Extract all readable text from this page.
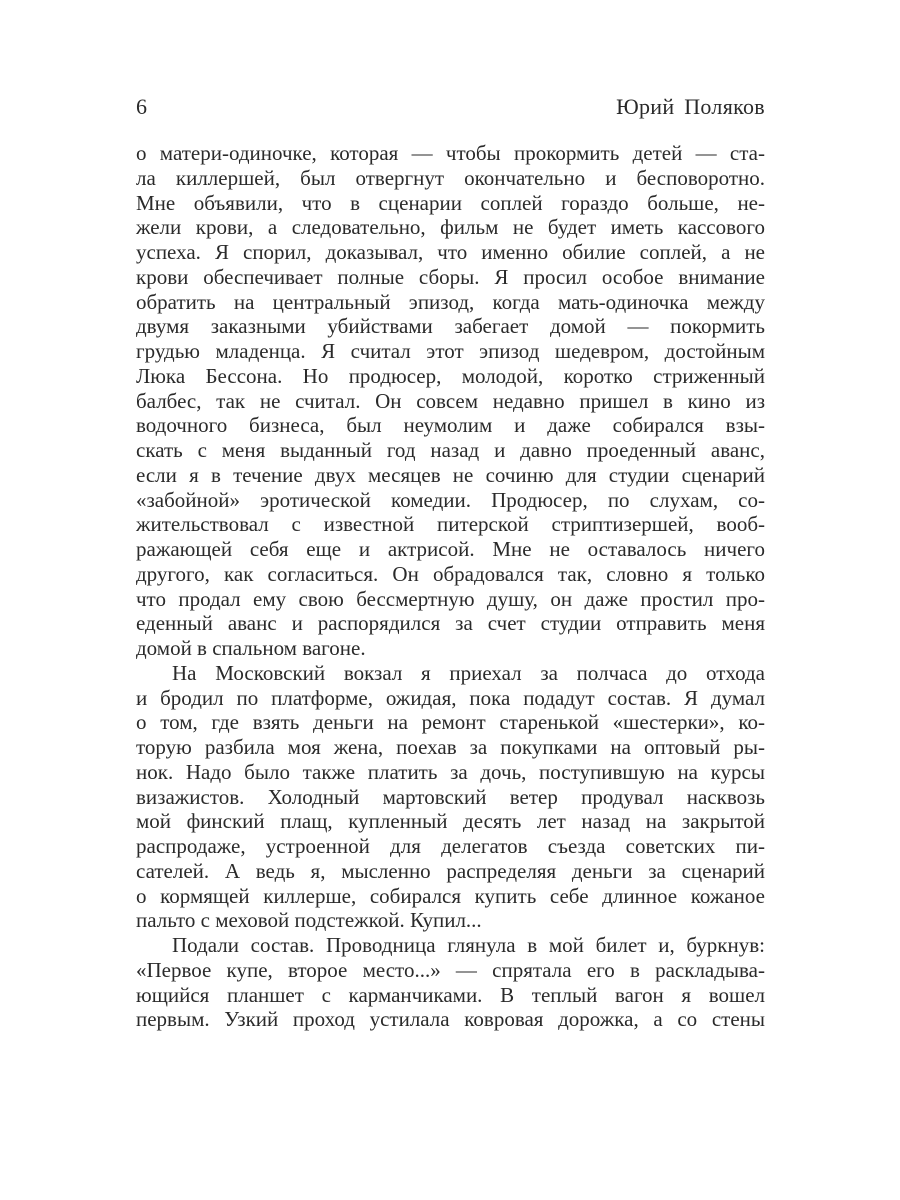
6	Юрий Поляков
о матери-одиночке, которая — чтобы прокормить детей — ста-
ла киллершей, был отвергнут окончательно и бесповоротно.
Мне объявили, что в сценарии соплей гораздо больше, не-
жели крови, а следовательно, фильм не будет иметь кассового
успеха. Я спорил, доказывал, что именно обилие соплей, а не
крови обеспечивает полные сборы. Я просил особое внимание
обратить на центральный эпизод, когда мать-одиночка между
двумя заказными убийствами забегает домой — покормить
грудью младенца. Я считал этот эпизод шедевром, достойным
Люка Бессона. Но продюсер, молодой, коротко стриженный
балбес, так не считал. Он совсем недавно пришел в кино из
водочного бизнеса, был неумолим и даже собирался взы-
скать с меня выданный год назад и давно проеденный аванс,
если я в течение двух месяцев не сочиню для студии сценарий
«забойной» эротической комедии. Продюсер, по слухам, со-
жительствовал с известной питерской стриптизершей, вооб-
ражающей себя еще и актрисой. Мне не оставалось ничего
другого, как согласиться. Он обрадовался так, словно я только
что продал ему свою бессмертную душу, он даже простил про-
еденный аванс и распорядился за счет студии отправить меня
домой в спальном вагоне.
На Московский вокзал я приехал за полчаса до отхода
и бродил по платформе, ожидая, пока подадут состав. Я думал
о том, где взять деньги на ремонт старенькой «шестерки», ко-
торую разбила моя жена, поехав за покупками на оптовый ры-
нок. Надо было также платить за дочь, поступившую на курсы
визажистов. Холодный мартовский ветер продувал насквозь
мой финский плащ, купленный десять лет назад на закрытой
распродаже, устроенной для делегатов съезда советских пи-
сателей. А ведь я, мысленно распределяя деньги за сценарий
о кормящей киллерше, собирался купить себе длинное кожаное
пальто с меховой подстежкой. Купил...
Подали состав. Проводница глянула в мой билет и, буркнув:
«Первое купе, второе место...» — спрятала его в раскладыва-
ющийся планшет с карманчиками. В теплый вагон я вошел
первым. Узкий проход устилала ковровая дорожка, а со стены
